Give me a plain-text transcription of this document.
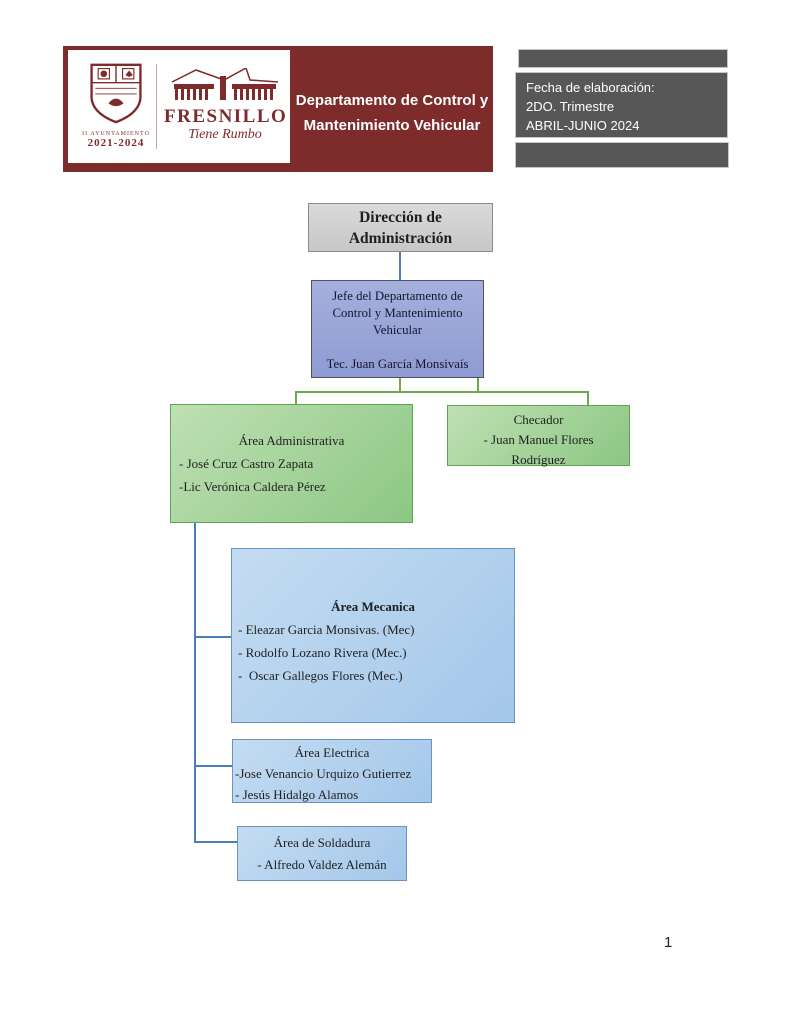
II AYUNTAMIENTO
2021-2024
FRESNILLO
Tiene Rumbo
Departamento de Control y
Mantenimiento Vehicular
Fecha de elaboración:
2DO. Trimestre
ABRIL-JUNIO 2024
Dirección de
Administración
Jefe del Departamento de
Control y Mantenimiento
Vehicular

Tec. Juan García Monsivaís
Área Administrativa
- José Cruz Castro Zapata
-Lic Verónica Caldera Pérez
Checador
- Juan Manuel Flores Rodríguez
Área Mecanica
- Eleazar Garcia Monsivas. (Mec)
- Rodolfo Lozano Rivera (Mec.)
-  Oscar Gallegos Flores (Mec.)
Área Electrica
-Jose Venancio Urquizo Gutierrez
- Jesús Hidalgo Alamos
Área de Soldadura
- Alfredo Valdez Alemán
1
